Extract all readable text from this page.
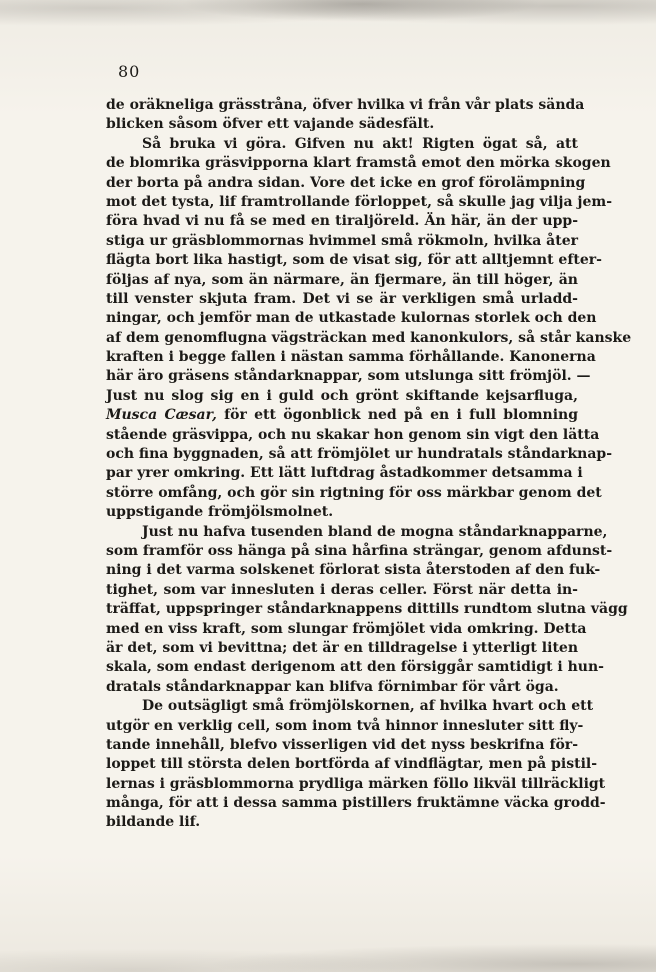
80
de oräkneliga grässtråna, öfver hvilka vi från vår plats sända
blicken såsom öfver ett vajande sädesfält.
Så bruka vi göra. Gifven nu akt! Rigten ögat så, att
de blomrika gräsvipporna klart framstå emot den mörka skogen
der borta på andra sidan. Vore det icke en grof förolämpning
mot det tysta, lif framtrollande förloppet, så skulle jag vilja jem-
föra hvad vi nu få se med en tiraljöreld. Än här, än der upp-
stiga ur gräsblommornas hvimmel små rökmoln, hvilka åter
flägta bort lika hastigt, som de visat sig, för att alltjemnt efter-
följas af nya, som än närmare, än fjermare, än till höger, än
till venster skjuta fram. Det vi se är verkligen små urladd-
ningar, och jemför man de utkastade kulornas storlek och den
af dem genomflugna vägsträckan med kanonkulors, så står kanske
kraften i begge fallen i nästan samma förhållande. Kanonerna
här äro gräsens ståndarknappar, som utslunga sitt frömjöl. —
Just nu slog sig en i guld och grönt skiftande kejsarfluga,
Musca Cæsar, för ett ögonblick ned på en i full blomning
stående gräsvippa, och nu skakar hon genom sin vigt den lätta
och fina byggnaden, så att frömjölet ur hundratals ståndarknap-
par yrer omkring. Ett lätt luftdrag åstadkommer detsamma i
större omfång, och gör sin rigtning för oss märkbar genom det
uppstigande frömjölsmolnet.
Just nu hafva tusenden bland de mogna ståndarknapparne,
som framför oss hänga på sina hårfina strängar, genom afdunst-
ning i det varma solskenet förlorat sista återstoden af den fuk-
tighet, som var innesluten i deras celler. Först när detta in-
träffat, uppspringer ståndarknappens dittills rundtom slutna vägg
med en viss kraft, som slungar frömjölet vida omkring. Detta
är det, som vi bevittna; det är en tilldragelse i ytterligt liten
skala, som endast derigenom att den försiggår samtidigt i hun-
dratals ståndarknappar kan blifva förnimbar för vårt öga.
De outsägligt små frömjölskornen, af hvilka hvart och ett
utgör en verklig cell, som inom två hinnor innesluter sitt fly-
tande innehåll, blefvo visserligen vid det nyss beskrifna för-
loppet till största delen bortförda af vindflägtar, men på pistil-
lernas i gräsblommorna prydliga märken föllo likväl tillräckligt
många, för att i dessa samma pistillers fruktämne väcka grodd-
bildande lif.
